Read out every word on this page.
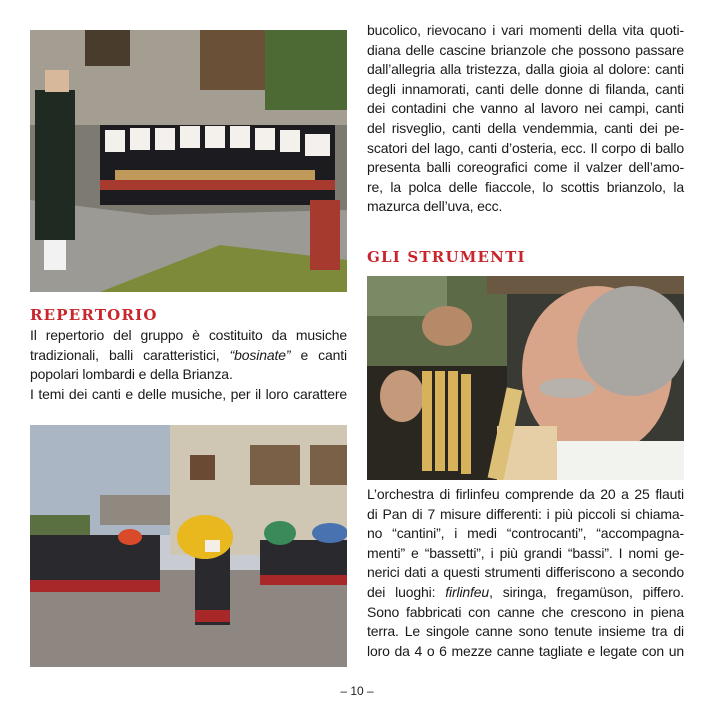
REPERTORIO
Il repertorio del gruppo è costituito da musiche
tradizionali, balli caratteristici, “bosinate” e canti
popolari lombardi e della Brianza.
I temi dei canti e delle musiche, per il loro carattere
bucolico, rievocano i vari momenti della vita quoti-
diana delle cascine brianzole che possono passare
dall’allegria alla tristezza, dalla gioia al dolore: canti
degli innamorati, canti delle donne di filanda, canti
dei contadini che vanno al lavoro nei campi, canti
del risveglio, canti della vendemmia, canti dei pe-
scatori del lago, canti d’osteria, ecc. Il corpo di ballo
presenta balli coreografici come il valzer dell’amo-
re, la polca delle fiaccole, lo scottis brianzolo, la
mazurca dell’uva, ecc.
GLI STRUMENTI
L’orchestra di firlinfeu comprende da 20 a 25 flauti
di Pan di 7 misure differenti: i più piccoli si chiama-
no “cantini”, i medi “controcanti”, “accompagna-
menti” e “bassetti”, i più grandi “bassi”. I nomi ge-
nerici dati a questi strumenti differiscono a secondo
dei luoghi: firlinfeu, siringa, fregamüson, piffero.
Sono fabbricati con canne che crescono in piena
terra. Le singole canne sono tenute insieme tra di
loro da 4 o 6 mezze canne tagliate e legate con un
– 10 –
